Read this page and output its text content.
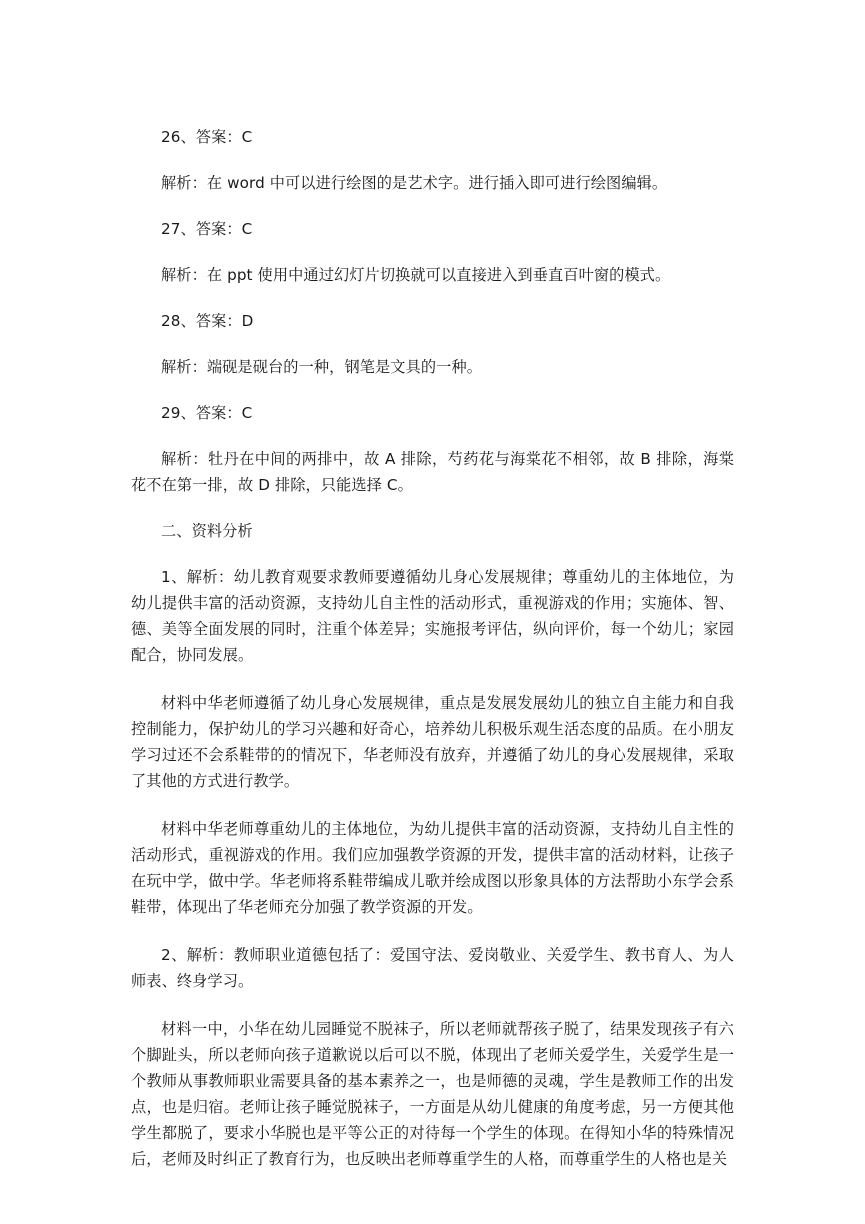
26、答案：C

解析：在 word 中可以进行绘图的是艺术字。进行插入即可进行绘图编辑。

27、答案：C

解析：在 ppt 使用中通过幻灯片切换就可以直接进入到垂直百叶窗的模式。

28、答案：D

解析：端砚是砚台的一种，钢笔是文具的一种。

29、答案：C

解析：牡丹在中间的两排中，故 A 排除，芍药花与海棠花不相邻，故 B 排除，海棠花不在第一排，故 D 排除，只能选择 C。

二、资料分析

1、解析：幼儿教育观要求教师要遵循幼儿身心发展规律；尊重幼儿的主体地位，为幼儿提供丰富的活动资源，支持幼儿自主性的活动形式，重视游戏的作用；实施体、智、德、美等全面发展的同时，注重个体差异；实施报考评估，纵向评价，每一个幼儿；家园配合，协同发展。

材料中华老师遵循了幼儿身心发展规律，重点是发展发展幼儿的独立自主能力和自我控制能力，保护幼儿的学习兴趣和好奇心，培养幼儿积极乐观生活态度的品质。在小朋友学习过还不会系鞋带的的情况下，华老师没有放弃，并遵循了幼儿的身心发展规律，采取了其他的方式进行教学。

材料中华老师尊重幼儿的主体地位，为幼儿提供丰富的活动资源，支持幼儿自主性的活动形式，重视游戏的作用。我们应加强教学资源的开发，提供丰富的活动材料，让孩子在玩中学，做中学。华老师将系鞋带编成儿歌并绘成图以形象具体的方法帮助小东学会系鞋带，体现出了华老师充分加强了教学资源的开发。

2、解析：教师职业道德包括了：爱国守法、爱岗敬业、关爱学生、教书育人、为人师表、终身学习。

材料一中，小华在幼儿园睡觉不脱袜子，所以老师就帮孩子脱了，结果发现孩子有六个脚趾头，所以老师向孩子道歉说以后可以不脱，体现出了老师关爱学生，关爱学生是一个教师从事教师职业需要具备的基本素养之一，也是师德的灵魂，学生是教师工作的出发点，也是归宿。老师让孩子睡觉脱袜子，一方面是从幼儿健康的角度考虑，另一方便其他学生都脱了，要求小华脱也是平等公正的对待每一个学生的体现。在得知小华的特殊情况后，老师及时纠正了教育行为，也反映出老师尊重学生的人格，而尊重学生的人格也是关
